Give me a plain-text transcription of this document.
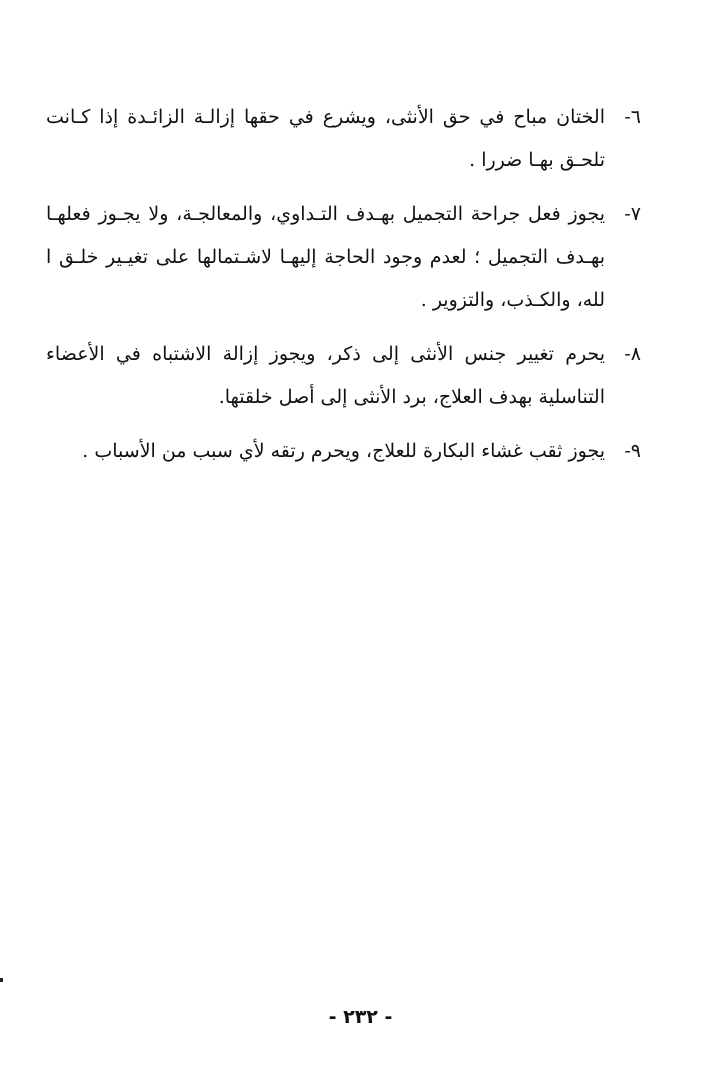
٦-
الختان مباح في حق الأنثى، ويشرع في حقها إزالـة الزائـدة إذا كـانت تلحـق بهـا ضررا .
٧-
يجوز فعل جراحة التجميل بهـدف التـداوي، والمعالجـة، ولا يجـوز فعلهـا بهـدف التجميل ؛ لعدم وجود الحاجة إليهـا لاشـتمالها على تغيـير خلـق ا لله، والكـذب، والتزوير .
٨-
يحرم تغيير جنس الأنثى إلى ذكر، ويجوز إزالة الاشتباه في الأعضاء التناسلية بهدف العلاج، برد الأنثى إلى أصل خلقتها.
٩-
يجوز ثقب غشاء البكارة للعلاج، ويحرم رتقه لأي سبب من الأسباب .
- ٢٣٢ -
